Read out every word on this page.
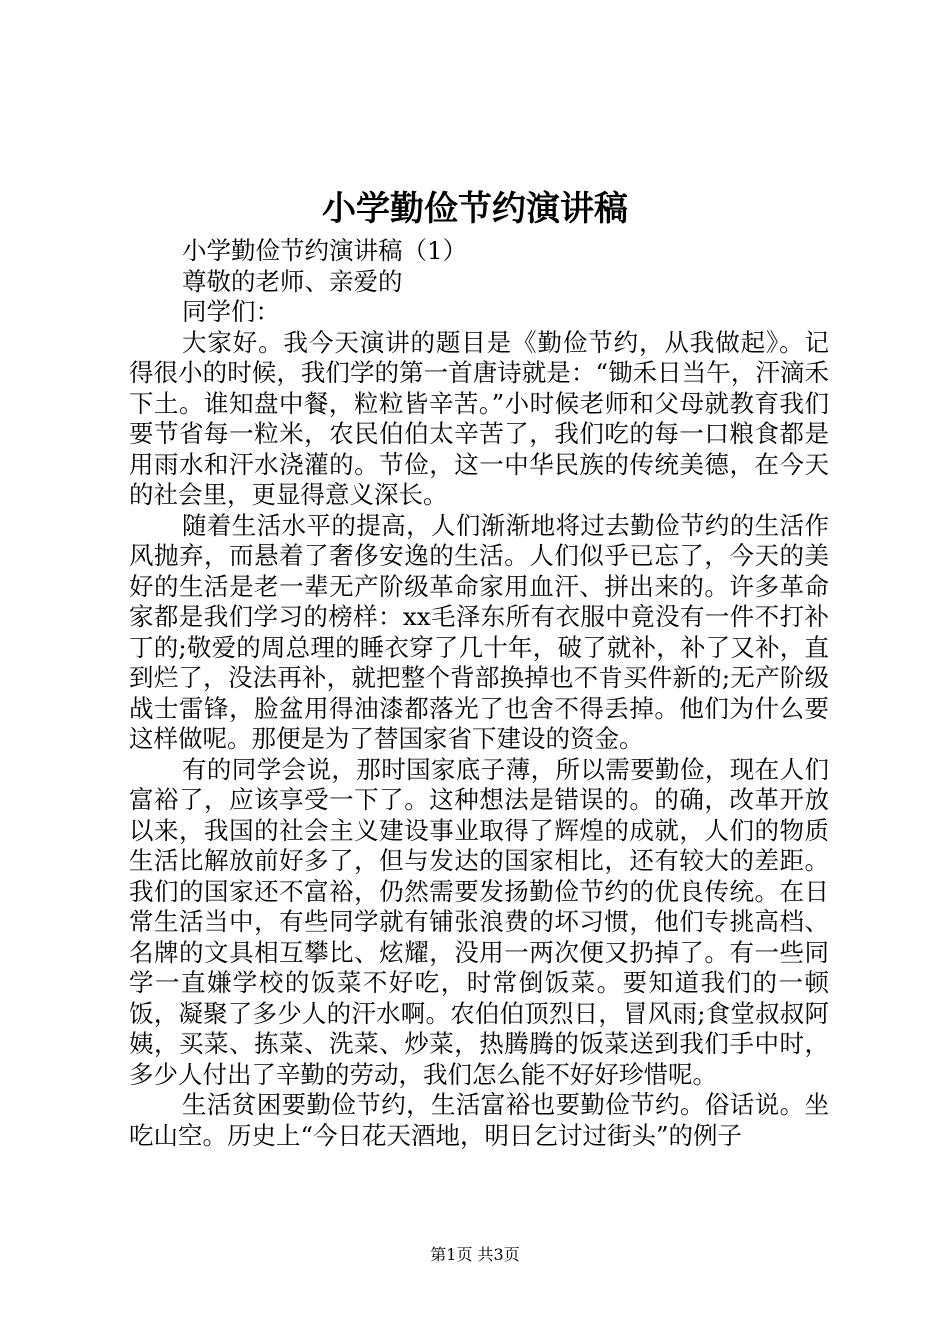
小学勤俭节约演讲稿

小学勤俭节约演讲稿（1）

尊敬的老师、亲爱的

同学们：

大家好。我今天演讲的题目是《勤俭节约，从我做起》。记得很小的时候，我们学的第一首唐诗就是：“锄禾日当午，汗滴禾下土。谁知盘中餐，粒粒皆辛苦。”小时候老师和父母就教育我们要节省每一粒米，农民伯伯太辛苦了，我们吃的每一口粮食都是用雨水和汗水浇灌的。节俭，这一中华民族的传统美德，在今天的社会里，更显得意义深长。

随着生活水平的提高，人们渐渐地将过去勤俭节约的生活作风抛弃，而悬着了奢侈安逸的生活。人们似乎已忘了，今天的美好的生活是老一辈无产阶级革命家用血汗、拼出来的。许多革命家都是我们学习的榜样：xx毛泽东所有衣服中竟没有一件不打补丁的;敬爱的周总理的睡衣穿了几十年，破了就补，补了又补，直到烂了，没法再补，就把整个背部换掉也不肯买件新的;无产阶级战士雷锋，脸盆用得油漆都落光了也舍不得丢掉。他们为什么要这样做呢。那便是为了替国家省下建设的资金。

有的同学会说，那时国家底子薄，所以需要勤俭，现在人们富裕了，应该享受一下了。这种想法是错误的。的确，改革开放以来，我国的社会主义建设事业取得了辉煌的成就，人们的物质生活比解放前好多了，但与发达的国家相比，还有较大的差距。我们的国家还不富裕，仍然需要发扬勤俭节约的优良传统。在日常生活当中，有些同学就有铺张浪费的坏习惯，他们专挑高档、名牌的文具相互攀比、炫耀，没用一两次便又扔掉了。有一些同学一直嫌学校的饭菜不好吃，时常倒饭菜。要知道我们的一顿饭，凝聚了多少人的汗水啊。农伯伯顶烈日，冒风雨;食堂叔叔阿姨，买菜、拣菜、洗菜、炒菜，热腾腾的饭菜送到我们手中时，多少人付出了辛勤的劳动，我们怎么能不好好珍惜呢。

生活贫困要勤俭节约，生活富裕也要勤俭节约。俗话说。坐吃山空。历史上“今日花天酒地，明日乞讨过街头”的例子

第1页 共3页
